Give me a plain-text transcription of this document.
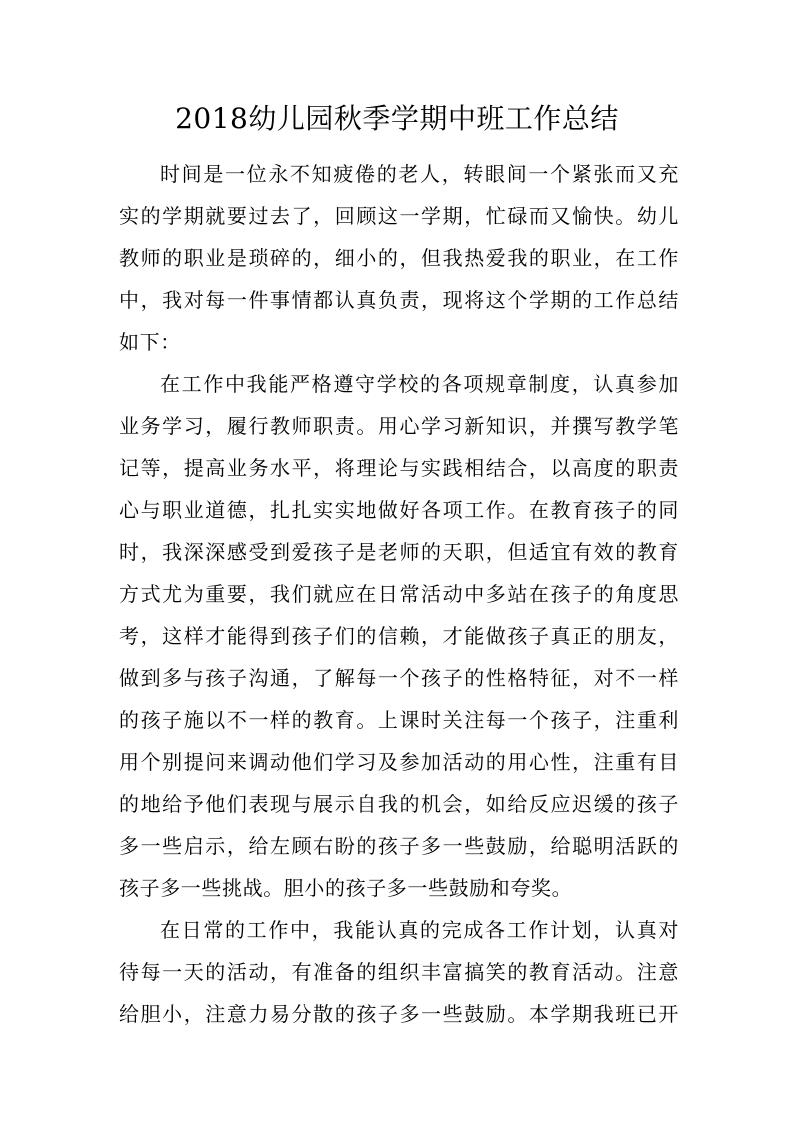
2018幼儿园秋季学期中班工作总结
时间是一位永不知疲倦的老人，转眼间一个紧张而又充
实的学期就要过去了，回顾这一学期，忙碌而又愉快。幼儿
教师的职业是琐碎的，细小的，但我热爱我的职业，在工作
中，我对每一件事情都认真负责，现将这个学期的工作总结
如下：
在工作中我能严格遵守学校的各项规章制度，认真参加
业务学习，履行教师职责。用心学习新知识，并撰写教学笔
记等，提高业务水平，将理论与实践相结合，以高度的职责
心与职业道德，扎扎实实地做好各项工作。在教育孩子的同
时，我深深感受到爱孩子是老师的天职，但适宜有效的教育
方式尤为重要，我们就应在日常活动中多站在孩子的角度思
考，这样才能得到孩子们的信赖，才能做孩子真正的朋友，
做到多与孩子沟通，了解每一个孩子的性格特征，对不一样
的孩子施以不一样的教育。上课时关注每一个孩子，注重利
用个别提问来调动他们学习及参加活动的用心性，注重有目
的地给予他们表现与展示自我的机会，如给反应迟缓的孩子
多一些启示，给左顾右盼的孩子多一些鼓励，给聪明活跃的
孩子多一些挑战。胆小的孩子多一些鼓励和夸奖。
在日常的工作中，我能认真的完成各工作计划，认真对
待每一天的活动，有准备的组织丰富搞笑的教育活动。注意
给胆小，注意力易分散的孩子多一些鼓励。本学期我班已开
